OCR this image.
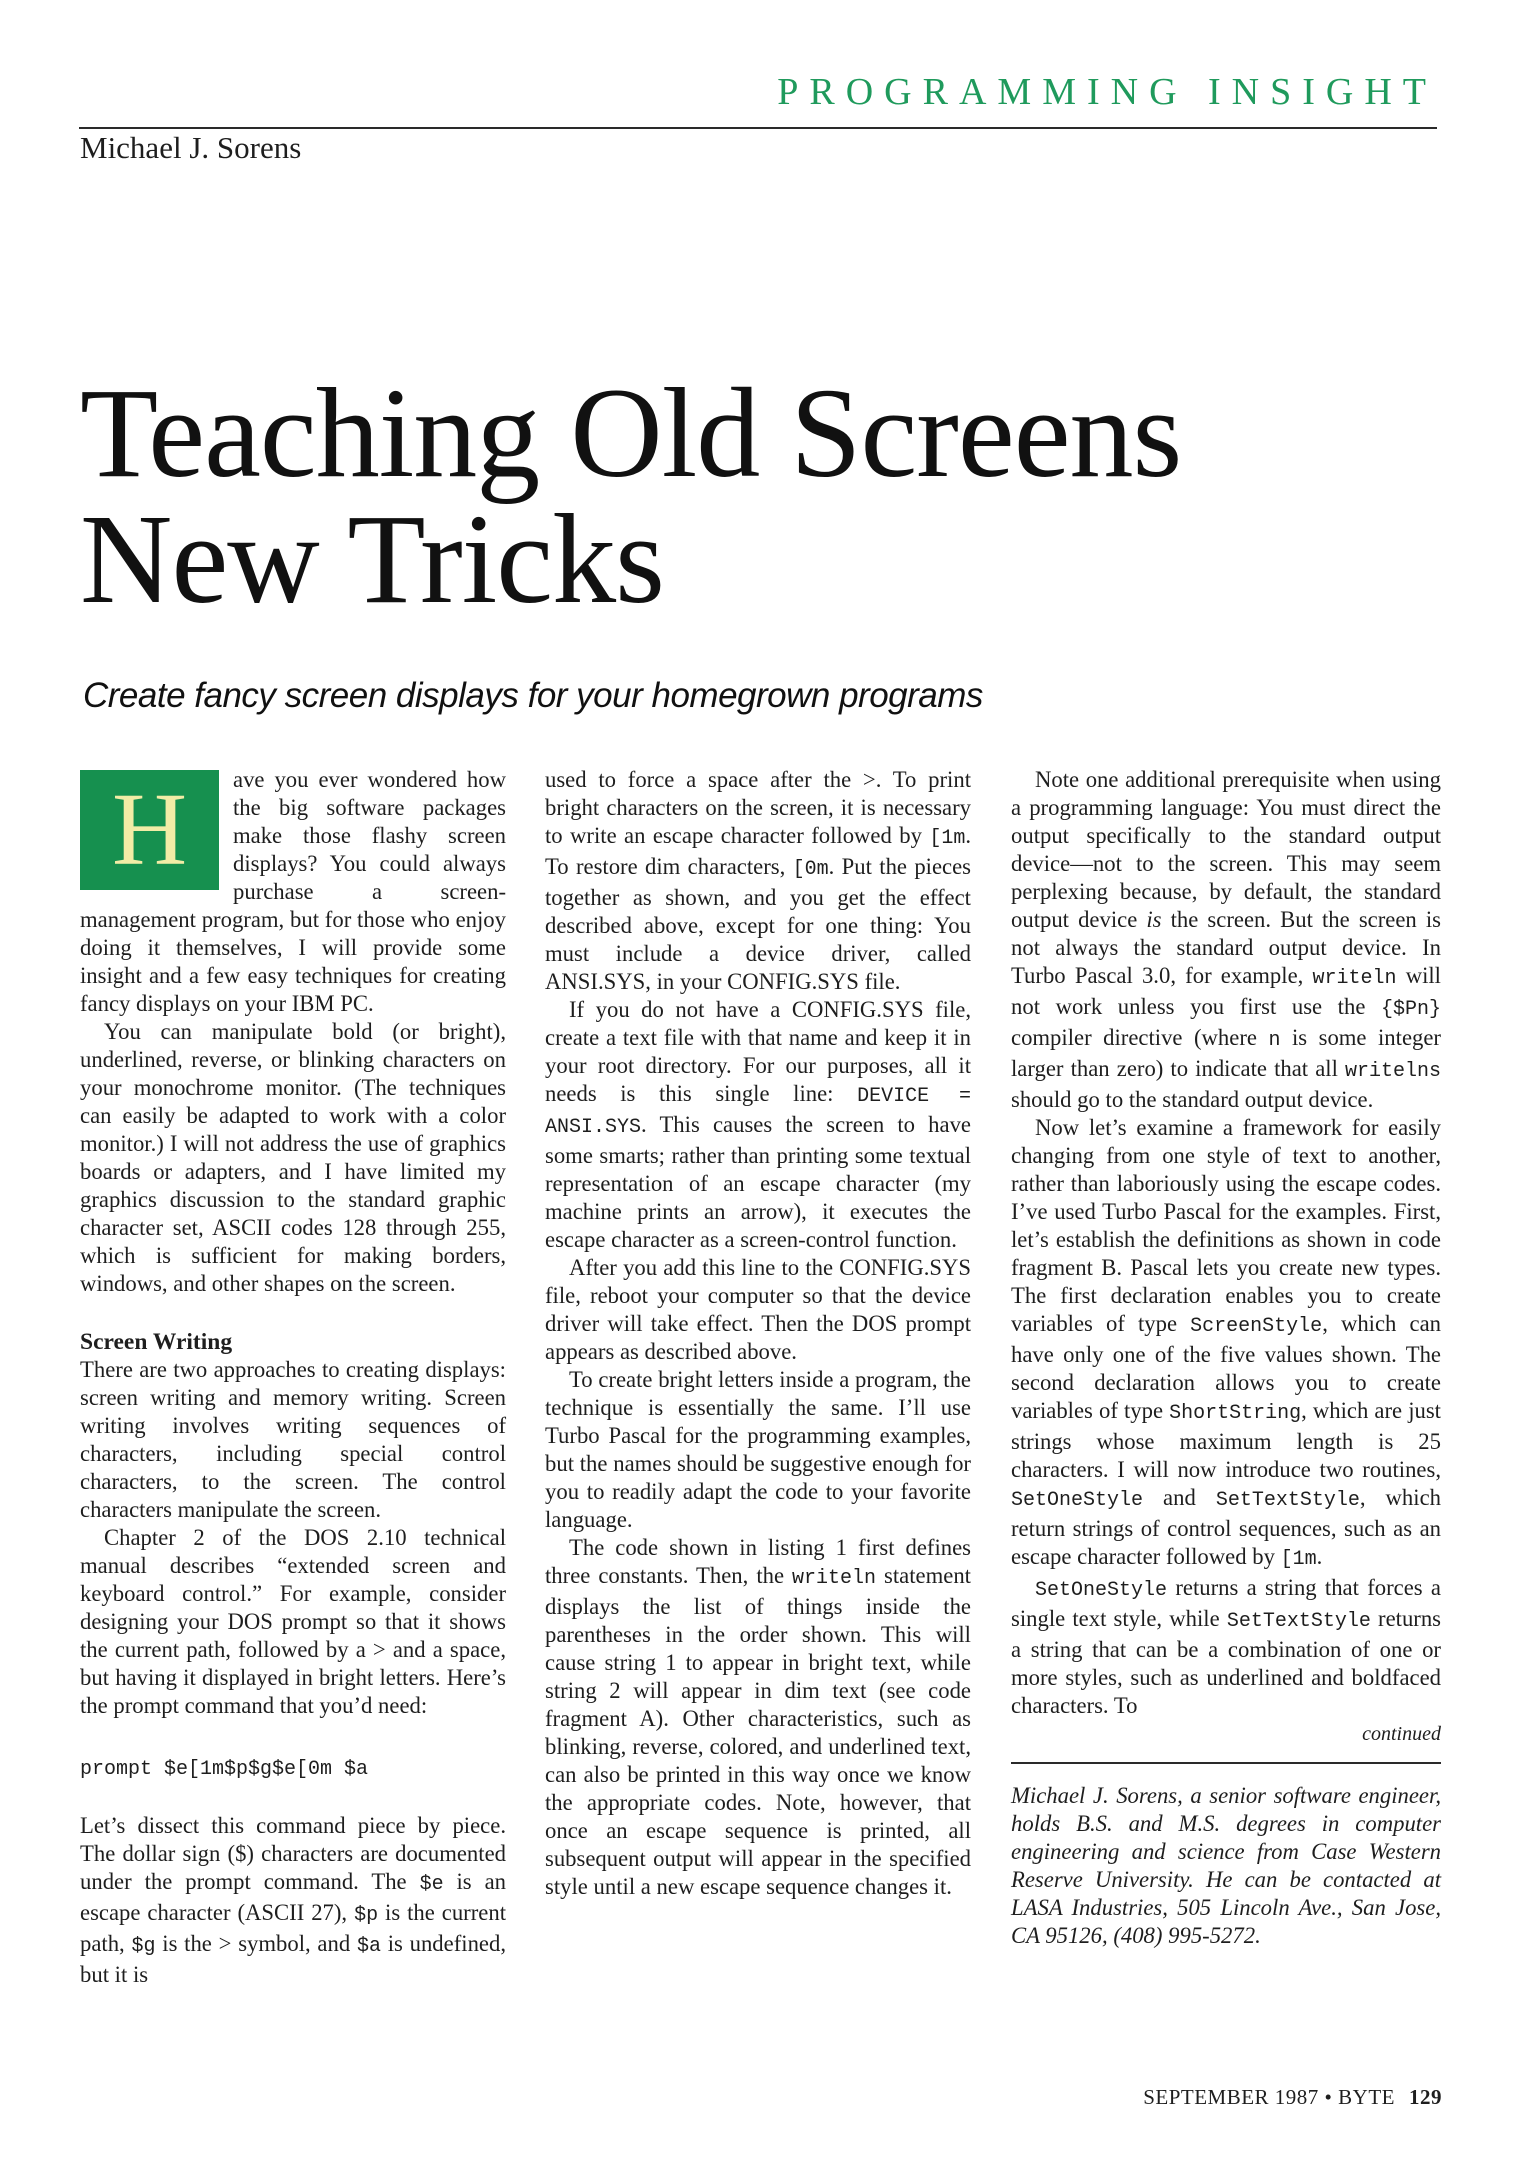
PROGRAMMING INSIGHT
Michael J. Sorens
Teaching Old Screens
New Tricks
Create fancy screen displays for your homegrown programs

H	ave you ever wondered how the big software packages make those flashy screen displays? You could always purchase a screen-management program, but for those who enjoy doing it themselves, I will provide some insight and a few easy techniques for creating fancy displays on your IBM PC.

You can manipulate bold (or bright), underlined, reverse, or blinking characters on your monochrome monitor. (The techniques can easily be adapted to work with a color monitor.) I will not address the use of graphics boards or adapters, and I have limited my graphics discussion to the standard graphic character set, ASCII codes 128 through 255, which is sufficient for making borders, windows, and other shapes on the screen.

Screen Writing

There are two approaches to creating displays: screen writing and memory writing. Screen writing involves writing sequences of characters, including special control characters, to the screen. The control characters manipulate the screen.

Chapter 2 of the DOS 2.10 technical manual describes “extended screen and keyboard control.” For example, consider designing your DOS prompt so that it shows the current path, followed by a > and a space, but having it displayed in bright letters. Here’s the prompt command that you’d need:

prompt $e[1m$p$g$e[0m $a

Let’s dissect this command piece by piece. The dollar sign ($) characters are documented under the prompt command. The $e is an escape character (ASCII 27), $p is the current path, $g is the > symbol, and $a is undefined, but it is

used to force a space after the >. To print bright characters on the screen, it is necessary to write an escape character followed by [1m. To restore dim characters, [0m. Put the pieces together as shown, and you get the effect described above, except for one thing: You must include a device driver, called ANSI.SYS, in your CONFIG.SYS file.

If you do not have a CONFIG.SYS file, create a text file with that name and keep it in your root directory. For our purposes, all it needs is this single line: DEVICE = ANSI.SYS. This causes the screen to have some smarts; rather than printing some textual representation of an escape character (my machine prints an arrow), it executes the escape character as a screen-control function.

After you add this line to the CONFIG.SYS file, reboot your computer so that the device driver will take effect. Then the DOS prompt appears as described above.

To create bright letters inside a program, the technique is essentially the same. I’ll use Turbo Pascal for the programming examples, but the names should be suggestive enough for you to readily adapt the code to your favorite language.

The code shown in listing 1 first defines three constants. Then, the writeln statement displays the list of things inside the parentheses in the order shown. This will cause string 1 to appear in bright text, while string 2 will appear in dim text (see code fragment A). Other characteristics, such as blinking, reverse, colored, and underlined text, can also be printed in this way once we know the appropriate codes. Note, however, that once an escape sequence is printed, all subsequent output will appear in the specified style until a new escape sequence changes it.

Note one additional prerequisite when using a programming language: You must direct the output specifically to the standard output device—not to the screen. This may seem perplexing because, by default, the standard output device is the screen. But the screen is not always the standard output device. In Turbo Pascal 3.0, for example, writeln will not work unless you first use the {$Pn} compiler directive (where n is some integer larger than zero) to indicate that all writelns should go to the standard output device.

Now let’s examine a framework for easily changing from one style of text to another, rather than laboriously using the escape codes. I’ve used Turbo Pascal for the examples. First, let’s establish the definitions as shown in code fragment B. Pascal lets you create new types. The first declaration enables you to create variables of type ScreenStyle, which can have only one of the five values shown. The second declaration allows you to create variables of type ShortString, which are just strings whose maximum length is 25 characters. I will now introduce two routines, SetOneStyle and SetTextStyle, which return strings of control sequences, such as an escape character followed by [1m.

SetOneStyle returns a string that forces a single text style, while SetTextStyle returns a string that can be a combination of one or more styles, such as underlined and boldfaced characters. To

continued

Michael J. Sorens, a senior software engineer, holds B.S. and M.S. degrees in computer engineering and science from Case Western Reserve University. He can be contacted at LASA Industries, 505 Lincoln Ave., San Jose, CA 95126, (408) 995-5272.

SEPTEMBER 1987 • BYTE 129
